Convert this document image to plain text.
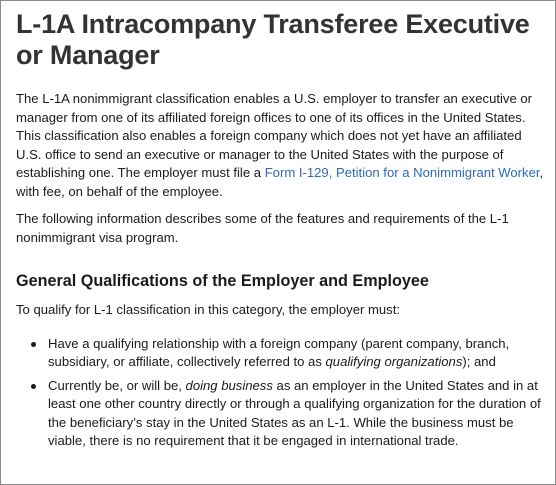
L-1A Intracompany Transferee Executive or Manager

The L-1A nonimmigrant classification enables a U.S. employer to transfer an executive or manager from one of its affiliated foreign offices to one of its offices in the United States. This classification also enables a foreign company which does not yet have an affiliated U.S. office to send an executive or manager to the United States with the purpose of establishing one. The employer must file a Form I-129, Petition for a Nonimmigrant Worker, with fee, on behalf of the employee.

The following information describes some of the features and requirements of the L-1 nonimmigrant visa program.

General Qualifications of the Employer and Employee

To qualify for L-1 classification in this category, the employer must:

Have a qualifying relationship with a foreign company (parent company, branch, subsidiary, or affiliate, collectively referred to as qualifying organizations); and
Currently be, or will be, doing business as an employer in the United States and in at least one other country directly or through a qualifying organization for the duration of the beneficiary’s stay in the United States as an L-1. While the business must be viable, there is no requirement that it be engaged in international trade.
